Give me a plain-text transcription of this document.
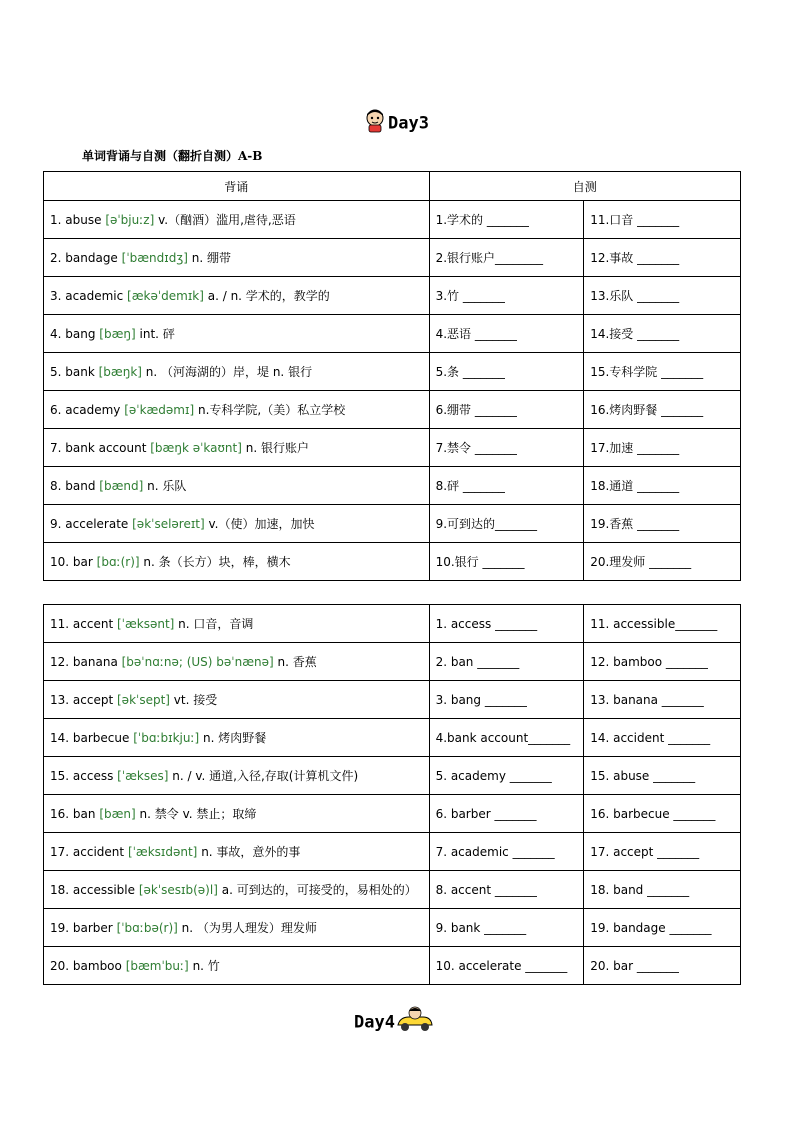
Day3
单词背诵与自测（翻折自测）A-B
背诵	自测	
1. abuse [əˈbjuːz] v.（酗酒）滥用,虐待,恶语	1.学术的 _______	11.口音 _______
2. bandage [ˈbændɪdʒ] n. 绷带	2.银行账户________	12.事故 _______
3. academic [ækəˈdemɪk] a. / n. 学术的，教学的	3.竹 _______	13.乐队 _______
4. bang [bæŋ] int. 砰	4.恶语 _______	14.接受 _______
5. bank [bæŋk] n. （河海湖的）岸，堤 n. 银行	5.条 _______	15.专科学院 _______
6. academy [əˈkædəmɪ] n.专科学院,（美）私立学校	6.绷带 _______	16.烤肉野餐 _______
7. bank account [bæŋk əˈkaʊnt] n. 银行账户	7.禁令 _______	17.加速 _______
8. band [bænd] n. 乐队	8.砰 _______	18.通道 _______
9. accelerate [əkˈseləreɪt] v.（使）加速，加快	9.可到达的_______	19.香蕉 _______
10. bar [bɑː(r)] n. 条（长方）块，棒，横木	10.银行 _______	20.理发师 _______
11. accent [ˈæksənt] n. 口音，音调	1. access _______	11. accessible_______
12. banana [bəˈnɑːnə; (US) bəˈnænə] n. 香蕉	2. ban _______	12. bamboo _______
13. accept [əkˈsept] vt. 接受	3. bang _______	13. banana _______
14. barbecue [ˈbɑːbɪkjuː] n. 烤肉野餐	4.bank account_______	14. accident _______
15. access [ˈækses] n. / v. 通道,入径,存取(计算机文件)	5. academy _______	15. abuse _______
16. ban [bæn] n. 禁令 v. 禁止；取缔	6. barber _______	16. barbecue _______
17. accident [ˈæksɪdənt] n. 事故，意外的事	7. academic _______	17. accept _______
18. accessible [əkˈsesɪb(ə)l] a. 可到达的，可接受的，易相处的）	8. accent _______	18. band _______
19. barber [ˈbɑːbə(r)] n. （为男人理发）理发师	9. bank _______	19. bandage _______
20. bamboo [bæmˈbuː] n. 竹	10. accelerate _______	20. bar _______
Day4
